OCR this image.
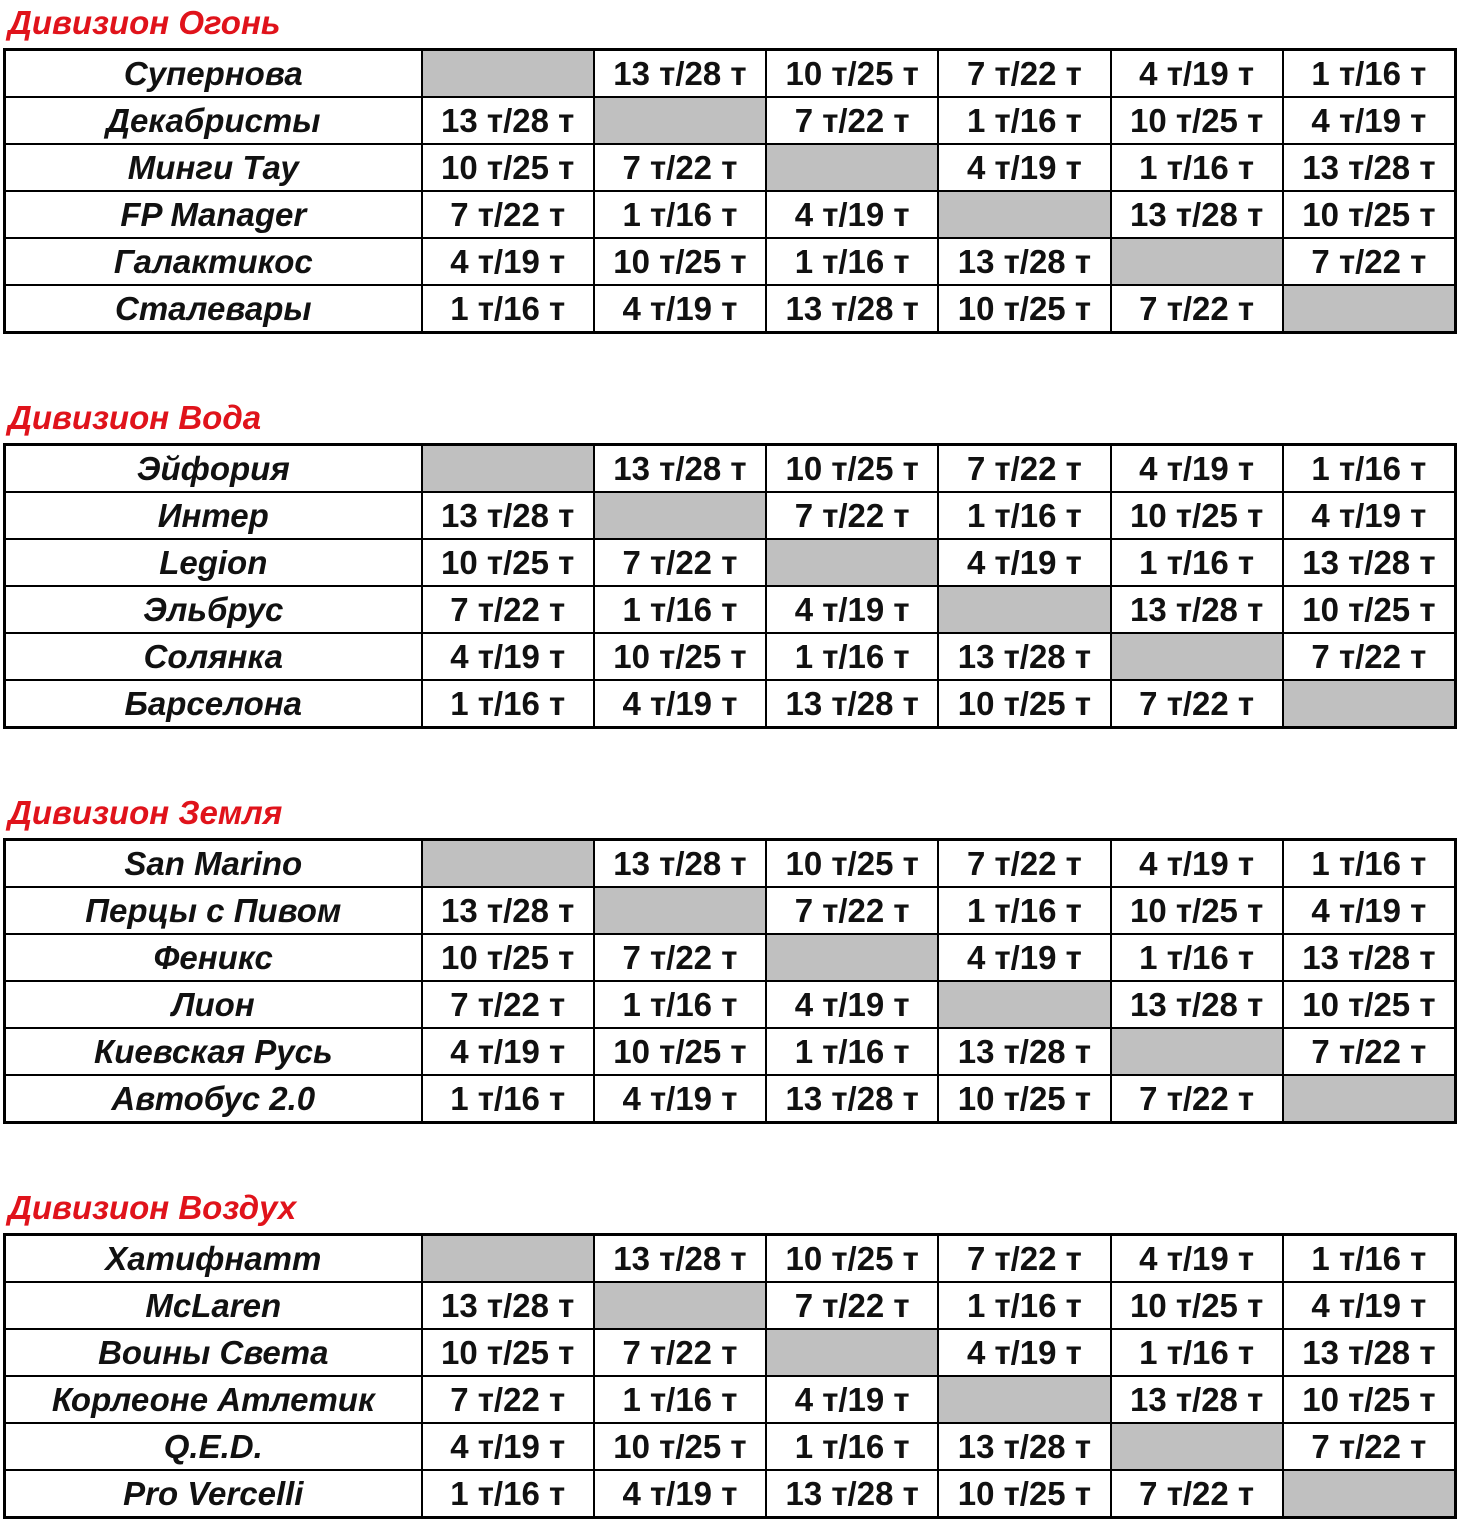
Дивизион Огонь
Супернова		13 т/28 т	10 т/25 т	7 т/22 т	4 т/19 т	1 т/16 т
Декабристы	13 т/28 т		7 т/22 т	1 т/16 т	10 т/25 т	4 т/19 т
Минги Тау	10 т/25 т	7 т/22 т		4 т/19 т	1 т/16 т	13 т/28 т
FP Manager	7 т/22 т	1 т/16 т	4 т/19 т		13 т/28 т	10 т/25 т
Галактикос	4 т/19 т	10 т/25 т	1 т/16 т	13 т/28 т		7 т/22 т
Сталевары	1 т/16 т	4 т/19 т	13 т/28 т	10 т/25 т	7 т/22 т	
Дивизион Вода
Эйфория		13 т/28 т	10 т/25 т	7 т/22 т	4 т/19 т	1 т/16 т
Интер	13 т/28 т		7 т/22 т	1 т/16 т	10 т/25 т	4 т/19 т
Legion	10 т/25 т	7 т/22 т		4 т/19 т	1 т/16 т	13 т/28 т
Эльбрус	7 т/22 т	1 т/16 т	4 т/19 т		13 т/28 т	10 т/25 т
Солянка	4 т/19 т	10 т/25 т	1 т/16 т	13 т/28 т		7 т/22 т
Барселона	1 т/16 т	4 т/19 т	13 т/28 т	10 т/25 т	7 т/22 т	
Дивизион Земля
San Marino		13 т/28 т	10 т/25 т	7 т/22 т	4 т/19 т	1 т/16 т
Перцы с Пивом	13 т/28 т		7 т/22 т	1 т/16 т	10 т/25 т	4 т/19 т
Феникс	10 т/25 т	7 т/22 т		4 т/19 т	1 т/16 т	13 т/28 т
Лион	7 т/22 т	1 т/16 т	4 т/19 т		13 т/28 т	10 т/25 т
Киевская Русь	4 т/19 т	10 т/25 т	1 т/16 т	13 т/28 т		7 т/22 т
Автобус 2.0	1 т/16 т	4 т/19 т	13 т/28 т	10 т/25 т	7 т/22 т	
Дивизион Воздух
Хатифнатт		13 т/28 т	10 т/25 т	7 т/22 т	4 т/19 т	1 т/16 т
McLaren	13 т/28 т		7 т/22 т	1 т/16 т	10 т/25 т	4 т/19 т
Воины Света	10 т/25 т	7 т/22 т		4 т/19 т	1 т/16 т	13 т/28 т
Корлеоне Атлетик	7 т/22 т	1 т/16 т	4 т/19 т		13 т/28 т	10 т/25 т
Q.E.D.	4 т/19 т	10 т/25 т	1 т/16 т	13 т/28 т		7 т/22 т
Pro Vercelli	1 т/16 т	4 т/19 т	13 т/28 т	10 т/25 т	7 т/22 т	
